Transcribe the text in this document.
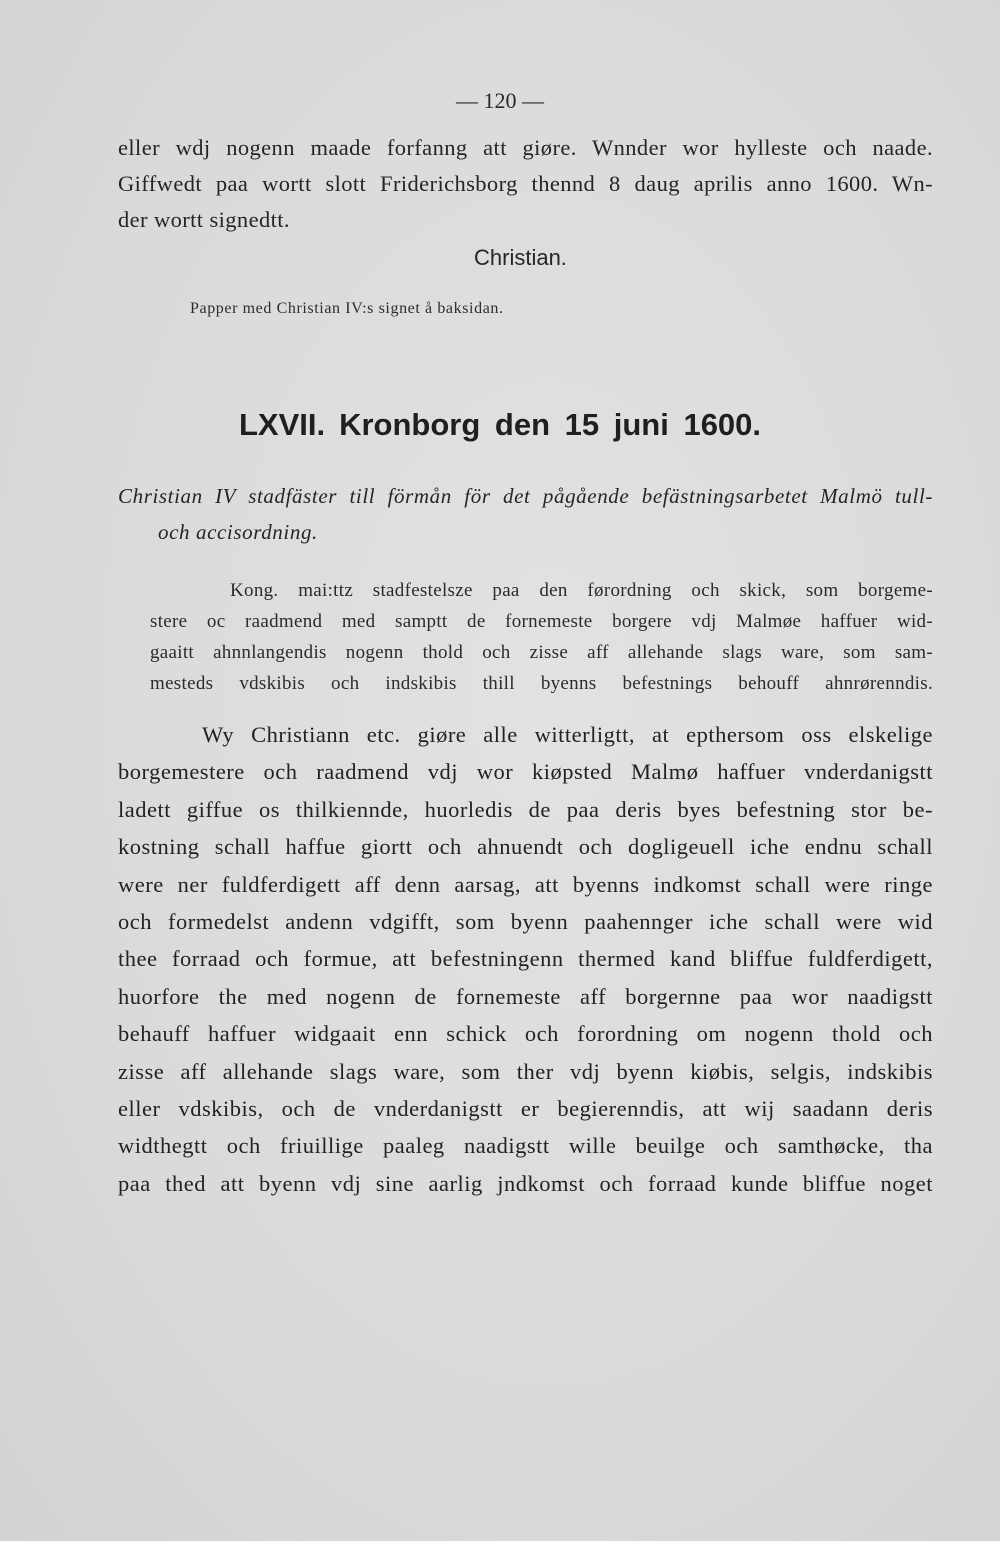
— 120 —
eller wdj nogenn maade forfanng att giøre. Wnnder wor hylleste och naade.
Giffwedt paa wortt slott Friderichsborg thennd 8 daug aprilis anno 1600. Wn-
der wortt signedtt.
Christian.
Papper med Christian IV:s signet å baksidan.
LXVII. Kronborg den 15 juni 1600.
Christian IV stadfäster till förmån för det pågående befästningsarbetet Malmö tull-
och accisordning.
Kong. mai:ttz stadfestelsze paa den førordning och skick, som borgeme-
stere oc raadmend med samptt de fornemeste borgere vdj Malmøe haffuer wid-
gaaitt ahnnlangendis nogenn thold och zisse aff allehande slags ware, som sam-
mesteds vdskibis och indskibis thill byenns befestnings behouff ahnrørenndis.
Wy Christiann etc. giøre alle witterligtt, at epthersom oss elskelige
borgemestere och raadmend vdj wor kiøpsted Malmø haffuer vnderdanigstt
ladett giffue os thilkiennde, huorledis de paa deris byes befestning stor be-
kostning schall haffue giortt och ahnuendt och dogligeuell iche endnu schall
were ner fuldferdigett aff denn aarsag, att byenns indkomst schall were ringe
och formedelst andenn vdgifft, som byenn paahennger iche schall were wid
thee forraad och formue, att befestningenn thermed kand bliffue fuldferdigett,
huorfore the med nogenn de fornemeste aff borgernne paa wor naadigstt
behauff haffuer widgaait enn schick och forordning om nogenn thold och
zisse aff allehande slags ware, som ther vdj byenn kiøbis, selgis, indskibis
eller vdskibis, och de vnderdanigstt er begierenndis, att wij saadann deris
widthegtt och friuillige paaleg naadigstt wille beuilge och samthøcke, tha
paa thed att byenn vdj sine aarlig jndkomst och forraad kunde bliffue noget
